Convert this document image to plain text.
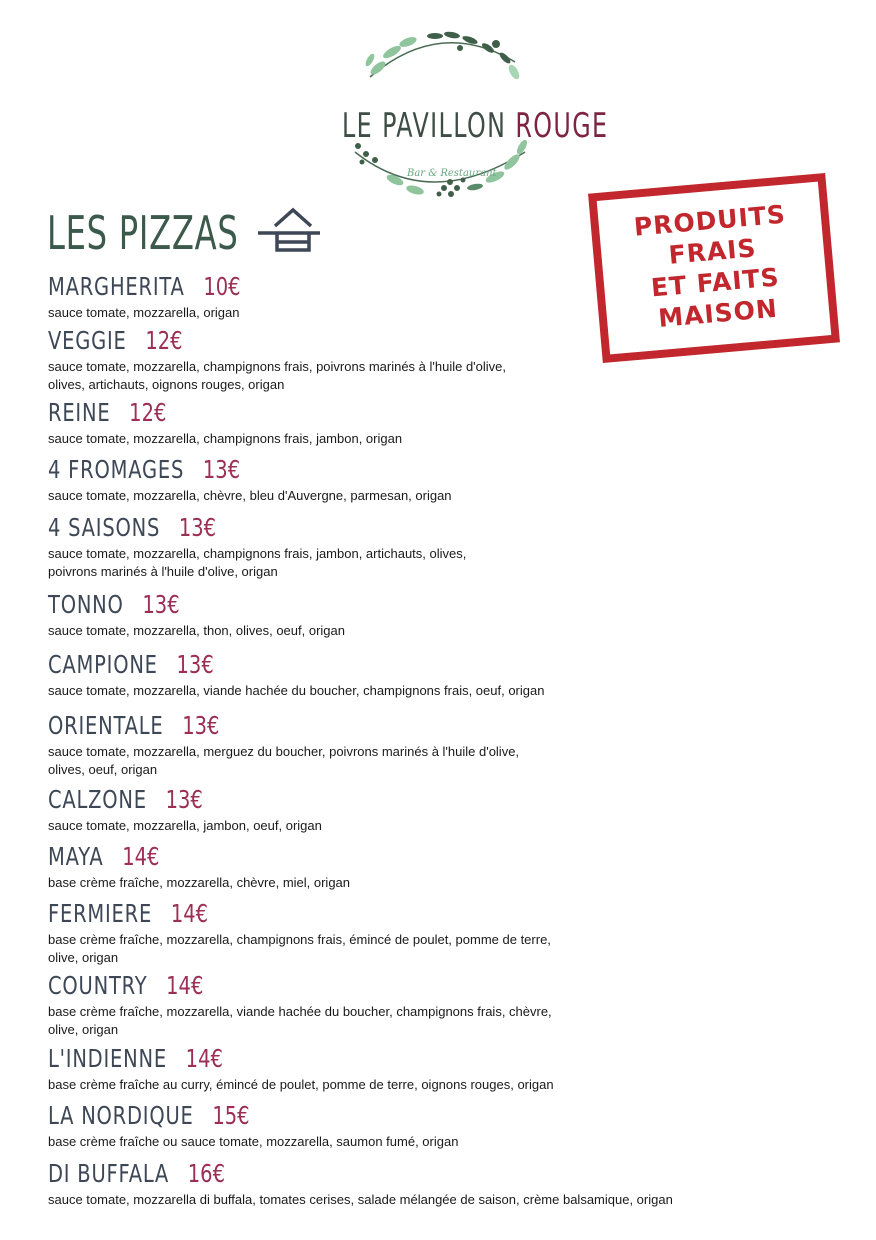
LE PAVILLON ROUGE
Bar & Restaurant
LES PIZZAS	PRODUITS
FRAIS
ET FAITS
MAISON
MARGHERITA 10€
sauce tomate, mozzarella, origan
VEGGIE 12€
sauce tomate, mozzarella, champignons frais, poivrons marinés à l'huile d'olive,
olives, artichauts, oignons rouges, origan
REINE 12€
sauce tomate, mozzarella, champignons frais, jambon, origan
4 FROMAGES 13€
sauce tomate, mozzarella, chèvre, bleu d'Auvergne, parmesan, origan
4 SAISONS 13€
sauce tomate, mozzarella, champignons frais, jambon, artichauts, olives,
poivrons marinés à l'huile d'olive, origan
TONNO 13€
sauce tomate, mozzarella, thon, olives, oeuf, origan
CAMPIONE 13€
sauce tomate, mozzarella, viande hachée du boucher, champignons frais, oeuf, origan
ORIENTALE 13€
sauce tomate, mozzarella, merguez du boucher, poivrons marinés à l'huile d'olive,
olives, oeuf, origan
CALZONE 13€
sauce tomate, mozzarella, jambon, oeuf, origan
MAYA 14€
base crème fraîche, mozzarella, chèvre, miel, origan
FERMIERE 14€
base crème fraîche, mozzarella, champignons frais, émincé de poulet, pomme de terre,
olive, origan
COUNTRY 14€
base crème fraîche, mozzarella, viande hachée du boucher, champignons frais, chèvre,
olive, origan
L'INDIENNE 14€
base crème fraîche au curry, émincé de poulet, pomme de terre, oignons rouges, origan
LA NORDIQUE 15€
base crème fraîche ou sauce tomate, mozzarella, saumon fumé, origan
DI BUFFALA 16€
sauce tomate, mozzarella di buffala, tomates cerises, salade mélangée de saison, crème balsamique, origan
